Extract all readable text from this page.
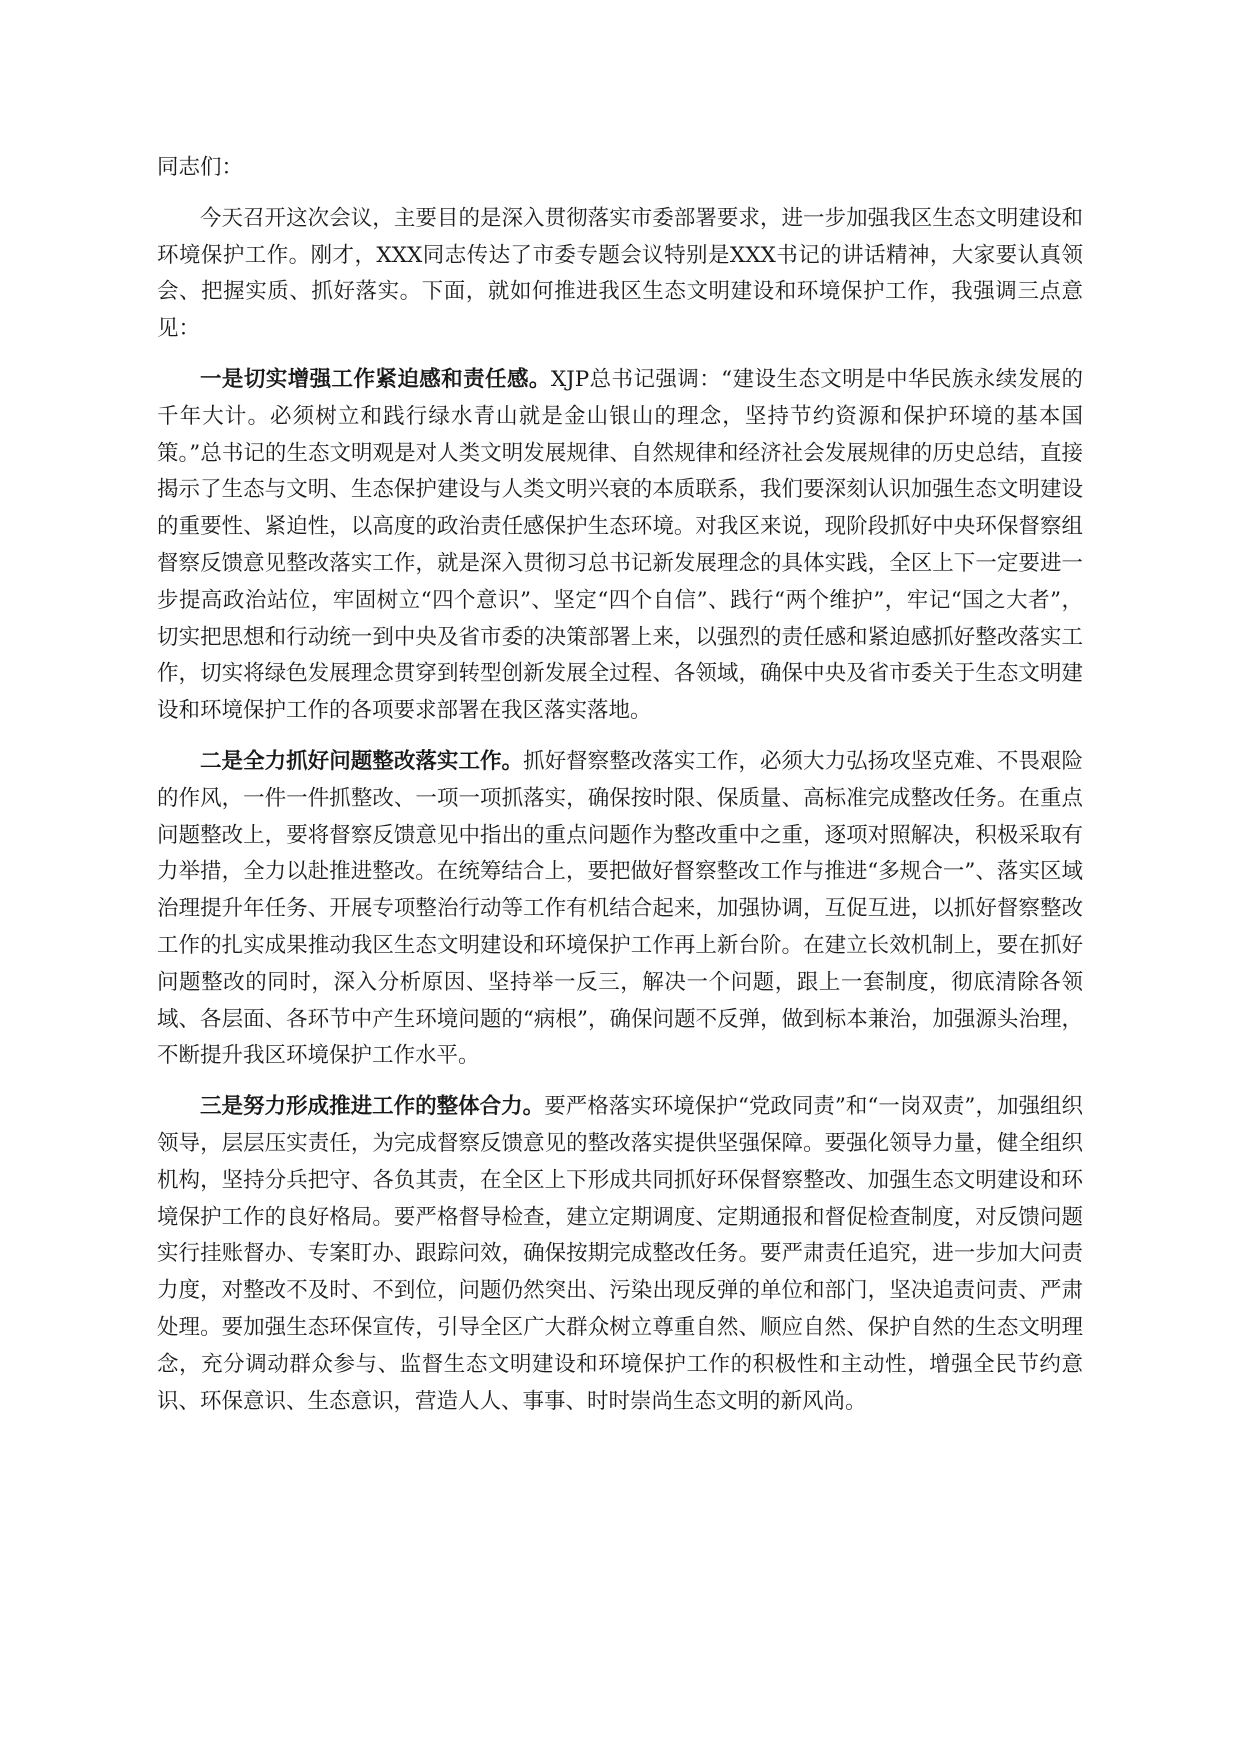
同志们：

今天召开这次会议，主要目的是深入贯彻落实市委部署要求，进一步加强我区生态文明建设和环境保护工作。刚才，XXX同志传达了市委专题会议特别是XXX书记的讲话精神，大家要认真领会、把握实质、抓好落实。下面，就如何推进我区生态文明建设和环境保护工作，我强调三点意见：

一是切实增强工作紧迫感和责任感。XJP总书记强调：“建设生态文明是中华民族永续发展的千年大计。必须树立和践行绿水青山就是金山银山的理念，坚持节约资源和保护环境的基本国策。”总书记的生态文明观是对人类文明发展规律、自然规律和经济社会发展规律的历史总结，直接揭示了生态与文明、生态保护建设与人类文明兴衰的本质联系，我们要深刻认识加强生态文明建设的重要性、紧迫性，以高度的政治责任感保护生态环境。对我区来说，现阶段抓好中央环保督察组督察反馈意见整改落实工作，就是深入贯彻习总书记新发展理念的具体实践，全区上下一定要进一步提高政治站位，牢固树立“四个意识”、坚定“四个自信”、践行“两个维护”，牢记“国之大者”，切实把思想和行动统一到中央及省市委的决策部署上来，以强烈的责任感和紧迫感抓好整改落实工作，切实将绿色发展理念贯穿到转型创新发展全过程、各领域，确保中央及省市委关于生态文明建设和环境保护工作的各项要求部署在我区落实落地。

二是全力抓好问题整改落实工作。抓好督察整改落实工作，必须大力弘扬攻坚克难、不畏艰险的作风，一件一件抓整改、一项一项抓落实，确保按时限、保质量、高标准完成整改任务。在重点问题整改上，要将督察反馈意见中指出的重点问题作为整改重中之重，逐项对照解决，积极采取有力举措，全力以赴推进整改。在统筹结合上，要把做好督察整改工作与推进“多规合一”、落实区域治理提升年任务、开展专项整治行动等工作有机结合起来，加强协调，互促互进，以抓好督察整改工作的扎实成果推动我区生态文明建设和环境保护工作再上新台阶。在建立长效机制上，要在抓好问题整改的同时，深入分析原因、坚持举一反三，解决一个问题，跟上一套制度，彻底清除各领域、各层面、各环节中产生环境问题的“病根”，确保问题不反弹，做到标本兼治，加强源头治理，不断提升我区环境保护工作水平。

三是努力形成推进工作的整体合力。要严格落实环境保护“党政同责”和“一岗双责”，加强组织领导，层层压实责任，为完成督察反馈意见的整改落实提供坚强保障。要强化领导力量，健全组织机构，坚持分兵把守、各负其责，在全区上下形成共同抓好环保督察整改、加强生态文明建设和环境保护工作的良好格局。要严格督导检查，建立定期调度、定期通报和督促检查制度，对反馈问题实行挂账督办、专案盯办、跟踪问效，确保按期完成整改任务。要严肃责任追究，进一步加大问责力度，对整改不及时、不到位，问题仍然突出、污染出现反弹的单位和部门，坚决追责问责、严肃处理。要加强生态环保宣传，引导全区广大群众树立尊重自然、顺应自然、保护自然的生态文明理念，充分调动群众参与、监督生态文明建设和环境保护工作的积极性和主动性，增强全民节约意识、环保意识、生态意识，营造人人、事事、时时崇尚生态文明的新风尚。
